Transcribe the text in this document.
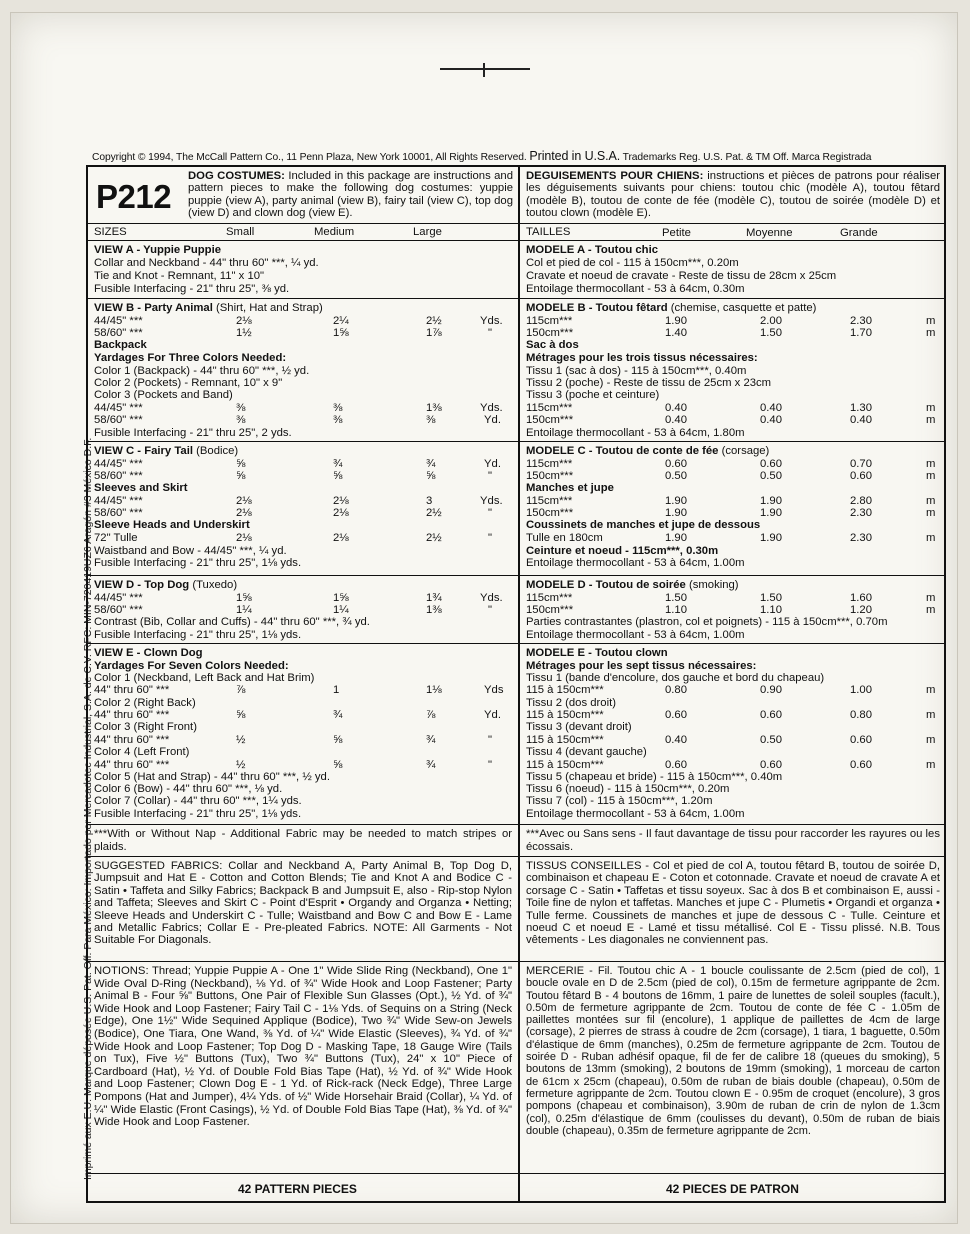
Imprimé aux E.U. Marque déposée U.S. Pat. Off. Para México: Importado por Mercadotec Industrial, S.A. de C.V. RFC: MIN-720419UZ6 Aragón #3 México D.F.
Copyright © 1994, The McCall Pattern Co., 11 Penn Plaza, New York 10001, All Rights Reserved. Printed in U.S.A. Trademarks Reg. U.S. Pat. & TM Off. Marca Registrada
P212
DOG COSTUMES: Included in this package are instructions and pattern pieces to make the following dog costumes: yuppie puppie (view A), party animal (view B), fairy tail (view C), top dog (view D) and clown dog (view E).
SIZES	Small	Medium	Large
VIEW A - Yuppie Puppie
Collar and Neckband - 44" thru 60" ***, ¼ yd.
Tie and Knot - Remnant, 11" x 10"
Fusible Interfacing - 21" thru 25", ⅜ yd.
VIEW B - Party Animal (Shirt, Hat and Strap)
44/45" ***	2⅛	2¼	2½	Yds.
58/60" ***	1½	1⅝	1⅞	"
Backpack
Yardages For Three Colors Needed:
Color 1 (Backpack) - 44" thru 60" ***, ½ yd.
Color 2 (Pockets) - Remnant, 10" x 9"
Color 3 (Pockets and Band)
44/45" ***	⅜	⅜	1⅜	Yds.
58/60" ***	⅜	⅜	⅜	Yd.
Fusible Interfacing - 21" thru 25", 2 yds.
VIEW C - Fairy Tail (Bodice)
44/45" ***	⅝	¾	¾	Yd.
58/60" ***	⅝	⅝	⅝	"
Sleeves and Skirt
44/45" ***	2⅛	2⅛	3	Yds.
58/60" ***	2⅛	2⅛	2½	"
Sleeve Heads and Underskirt
72" Tulle	2⅛	2⅛	2½	"
Waistband and Bow - 44/45" ***, ¼ yd.
Fusible Interfacing - 21" thru 25", 1⅛ yds.
VIEW D - Top Dog (Tuxedo)
44/45" ***	1⅝	1⅝	1¾	Yds.
58/60" ***	1¼	1¼	1⅜	"
Contrast (Bib, Collar and Cuffs) - 44" thru 60" ***, ¾ yd.
Fusible Interfacing - 21" thru 25", 1⅛ yds.
VIEW E - Clown Dog
Yardages For Seven Colors Needed:
Color 1 (Neckband, Left Back and Hat Brim)
44" thru 60" ***	⅞	1	1⅛	Yds
Color 2 (Right Back)
44" thru 60" ***	⅝	¾	⅞	Yd.
Color 3 (Right Front)
44" thru 60" ***	½	⅝	¾	"
Color 4 (Left Front)
44" thru 60" ***	½	⅝	¾	"
Color 5 (Hat and Strap) - 44" thru 60" ***, ½ yd.
Color 6 (Bow) - 44" thru 60" ***, ⅛ yd.
Color 7 (Collar) - 44" thru 60" ***, 1¼ yds.
Fusible Interfacing - 21" thru 25", 1⅛ yds.
***With or Without Nap - Additional Fabric may be needed to match stripes or plaids.
SUGGESTED FABRICS: Collar and Neckband A, Party Animal B, Top Dog D, Jumpsuit and Hat E - Cotton and Cotton Blends; Tie and Knot A and Bodice C - Satin • Taffeta and Silky Fabrics; Backpack B and Jumpsuit E, also - Rip-stop Nylon and Taffeta; Sleeves and Skirt C - Point d'Esprit • Organdy and Organza • Netting; Sleeve Heads and Underskirt C - Tulle; Waistband and Bow C and Bow E - Lame and Metallic Fabrics; Collar E - Pre-pleated Fabrics. NOTE: All Garments - Not Suitable For Diagonals.
NOTIONS: Thread; Yuppie Puppie A - One 1" Wide Slide Ring (Neckband), One 1" Wide Oval D-Ring (Neckband), ⅛ Yd. of ¾" Wide Hook and Loop Fastener; Party Animal B - Four ⅝" Buttons, One Pair of Flexible Sun Glasses (Opt.), ½ Yd. of ¾" Wide Hook and Loop Fastener; Fairy Tail C - 1⅛ Yds. of Sequins on a String (Neck Edge), One 1½" Wide Sequined Applique (Bodice), Two ¾" Wide Sew-on Jewels (Bodice), One Tiara, One Wand, ⅜ Yd. of ¼" Wide Elastic (Sleeves), ¾ Yd. of ¾" Wide Hook and Loop Fastener; Top Dog D - Masking Tape, 18 Gauge Wire (Tails on Tux), Five ½" Buttons (Tux), Two ¾" Buttons (Tux), 24" x 10" Piece of Cardboard (Hat), ½ Yd. of Double Fold Bias Tape (Hat), ½ Yd. of ¾" Wide Hook and Loop Fastener; Clown Dog E - 1 Yd. of Rick-rack (Neck Edge), Three Large Pompons (Hat and Jumper), 4¼ Yds. of ½" Wide Horsehair Braid (Collar), ¼ Yd. of ¼" Wide Elastic (Front Casings), ½ Yd. of Double Fold Bias Tape (Hat), ⅜ Yd. of ¾" Wide Hook and Loop Fastener.
DEGUISEMENTS POUR CHIENS: instructions et pièces de patrons pour réaliser les déguisements suivants pour chiens: toutou chic (modèle A), toutou fêtard (modèle B), toutou de conte de fée (modèle C), toutou de soirée (modèle D) et toutou clown (modèle E).
TAILLES	Petite	Moyenne	Grande
MODELE A - Toutou chic
Col et pied de col - 115 à 150cm***, 0.20m
Cravate et noeud de cravate - Reste de tissu de 28cm x 25cm
Entoilage thermocollant - 53 à 64cm, 0.30m
MODELE B - Toutou fêtard (chemise, casquette et patte)
115cm***	1.90	2.00	2.30	m
150cm***	1.40	1.50	1.70	m
Sac à dos
Métrages pour les trois tissus nécessaires:
Tissu 1 (sac à dos) - 115 à 150cm***, 0.40m
Tissu 2 (poche) - Reste de tissu de 25cm x 23cm
Tissu 3 (poche et ceinture)
115cm***	0.40	0.40	1.30	m
150cm***	0.40	0.40	0.40	m
Entoilage thermocollant - 53 à 64cm, 1.80m
MODELE C - Toutou de conte de fée (corsage)
115cm***	0.60	0.60	0.70	m
150cm***	0.50	0.50	0.60	m
Manches et jupe
115cm***	1.90	1.90	2.80	m
150cm***	1.90	1.90	2.30	m
Coussinets de manches et jupe de dessous
Tulle en 180cm	1.90	1.90	2.30	m
Ceinture et noeud - 115cm***, 0.30m
Entoilage thermocollant - 53 à 64cm, 1.00m
MODELE D - Toutou de soirée (smoking)
115cm***	1.50	1.50	1.60	m
150cm***	1.10	1.10	1.20	m
Parties contrastantes (plastron, col et poignets) - 115 à 150cm***, 0.70m
Entoilage thermocollant - 53 à 64cm, 1.00m
MODELE E - Toutou clown
Métrages pour les sept tissus nécessaires:
Tissu 1 (bande d'encolure, dos gauche et bord du chapeau)
115 à 150cm***	0.80	0.90	1.00	m
Tissu 2 (dos droit)
115 à 150cm***	0.60	0.60	0.80	m
Tissu 3 (devant droit)
115 à 150cm***	0.40	0.50	0.60	m
Tissu 4 (devant gauche)
115 à 150cm***	0.60	0.60	0.60	m
Tissu 5 (chapeau et bride) - 115 à 150cm***, 0.40m
Tissu 6 (noeud) - 115 à 150cm***, 0.20m
Tissu 7 (col) - 115 à 150cm***, 1.20m
Entoilage thermocollant - 53 à 64cm, 1.00m
***Avec ou Sans sens - Il faut davantage de tissu pour raccorder les rayures ou les écossais.
TISSUS CONSEILLES - Col et pied de col A, toutou fêtard B, toutou de soirée D, combinaison et chapeau E - Coton et cotonnade. Cravate et noeud de cravate A et corsage C - Satin • Taffetas et tissu soyeux. Sac à dos B et combinaison E, aussi - Toile fine de nylon et taffetas. Manches et jupe C - Plumetis • Organdi et organza • Tulle ferme. Coussinets de manches et jupe de dessous C - Tulle. Ceinture et noeud C et noeud E - Lamé et tissu métallisé. Col E - Tissu plissé. N.B. Tous vêtements - Les diagonales ne conviennent pas.
MERCERIE - Fil. Toutou chic A - 1 boucle coulissante de 2.5cm (pied de col), 1 boucle ovale en D de 2.5cm (pied de col), 0.15m de fermeture agrippante de 2cm. Toutou fêtard B - 4 boutons de 16mm, 1 paire de lunettes de soleil souples (facult.), 0.50m de fermeture agrippante de 2cm. Toutou de conte de fée C - 1.05m de paillettes montées sur fil (encolure), 1 applique de paillettes de 4cm de large (corsage), 2 pierres de strass à coudre de 2cm (corsage), 1 tiara, 1 baguette, 0.50m d'élastique de 6mm (manches), 0.25m de fermeture agrippante de 2cm. Toutou de soirée D - Ruban adhésif opaque, fil de fer de calibre 18 (queues du smoking), 5 boutons de 13mm (smoking), 2 boutons de 19mm (smoking), 1 morceau de carton de 61cm x 25cm (chapeau), 0.50m de ruban de biais double (chapeau), 0.50m de fermeture agrippante de 2cm. Toutou clown E - 0.95m de croquet (encolure), 3 gros pompons (chapeau et combinaison), 3.90m de ruban de crin de nylon de 1.3cm (col), 0.25m d'élastique de 6mm (coulisses du devant), 0.50m de ruban de biais double (chapeau), 0.35m de fermeture agrippante de 2cm.
42 PATTERN PIECES	42 PIECES DE PATRON
